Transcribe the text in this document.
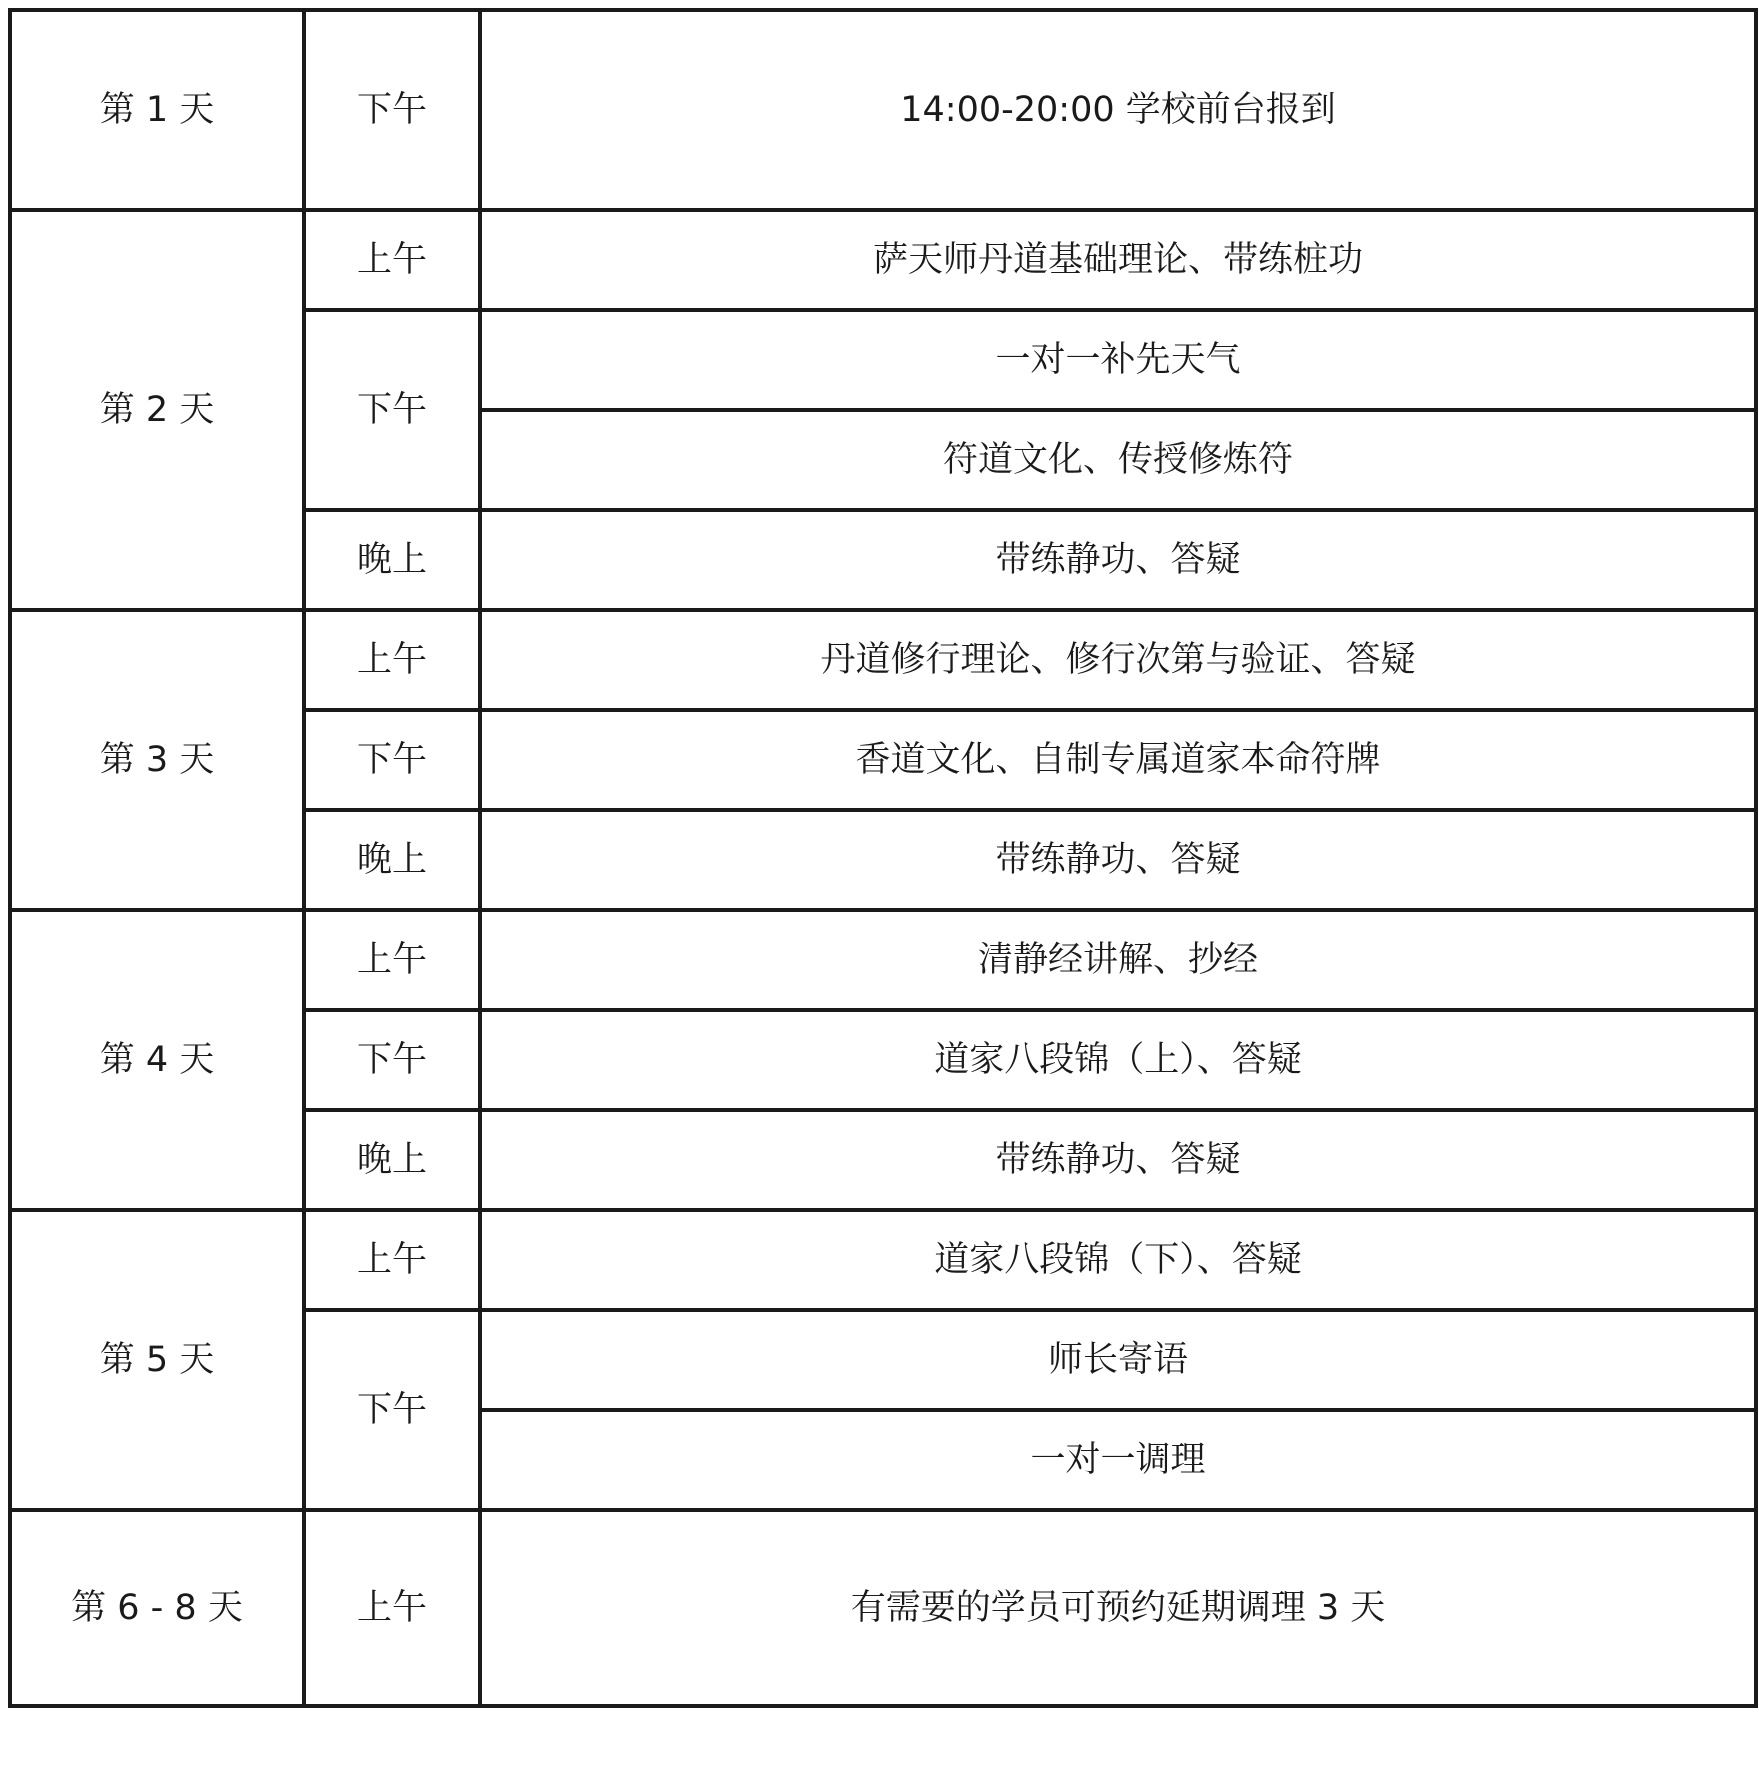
第 1 天	下午	14:00-20:00 学校前台报到
第 2 天	上午	萨天师丹道基础理论、带练桩功
	下午	一对一补先天气
		符道文化、传授修炼符
	晚上	带练静功、答疑
第 3 天	上午	丹道修行理论、修行次第与验证、答疑
	下午	香道文化、自制专属道家本命符牌
	晚上	带练静功、答疑
第 4 天	上午	清静经讲解、抄经
	下午	道家八段锦（上）、答疑
	晚上	带练静功、答疑
第 5 天	上午	道家八段锦（下）、答疑
	下午	师长寄语
		一对一调理
第 6 - 8 天	上午	有需要的学员可预约延期调理 3 天
